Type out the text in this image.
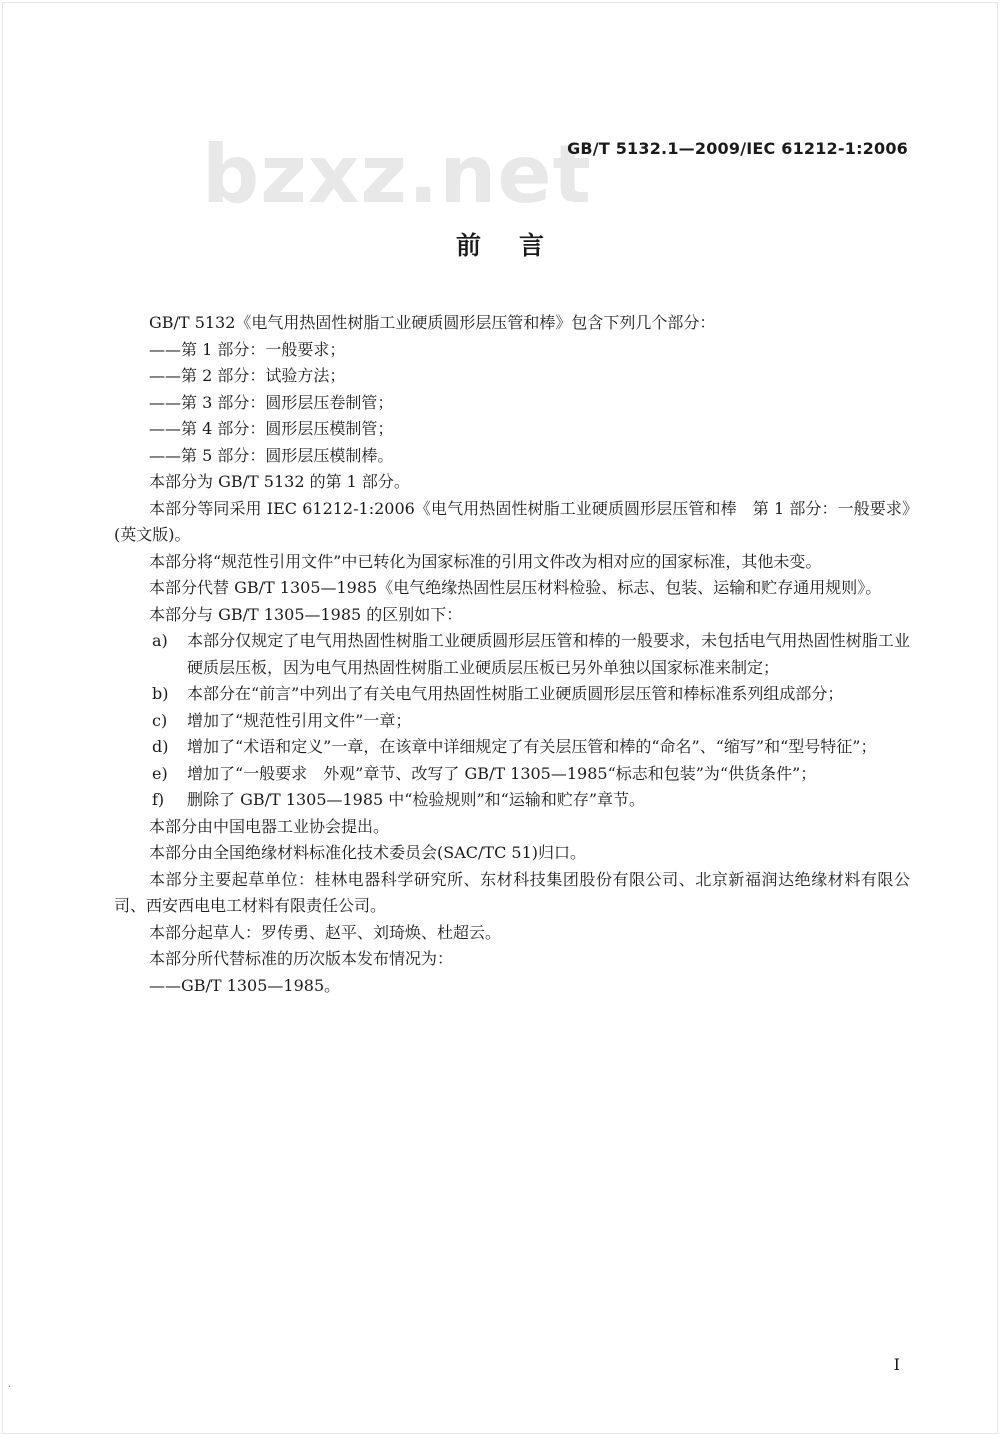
bzxz.net
GB/T 5132.1—2009/IEC 61212-1:2006
前言

GB/T 5132《电气用热固性树脂工业硬质圆形层压管和棒》包含下列几个部分：

——第 1 部分：一般要求；

——第 2 部分：试验方法；

——第 3 部分：圆形层压卷制管；

——第 4 部分：圆形层压模制管；

——第 5 部分：圆形层压模制棒。

本部分为 GB/T 5132 的第 1 部分。

本部分等同采用 IEC 61212-1:2006《电气用热固性树脂工业硬质圆形层压管和棒　第 1 部分：一般要求》(英文版)。

本部分将“规范性引用文件”中已转化为国家标准的引用文件改为相对应的国家标准，其他未变。

本部分代替 GB/T 1305—1985《电气绝缘热固性层压材料检验、标志、包装、运输和贮存通用规则》。

本部分与 GB/T 1305—1985 的区别如下：

a)	本部分仅规定了电气用热固性树脂工业硬质圆形层压管和棒的一般要求，未包括电气用热固性树脂工业硬质层压板，因为电气用热固性树脂工业硬质层压板已另外单独以国家标准来制定；
b)	本部分在“前言”中列出了有关电气用热固性树脂工业硬质圆形层压管和棒标准系列组成部分；
c)	增加了“规范性引用文件”一章；
d)	增加了“术语和定义”一章，在该章中详细规定了有关层压管和棒的“命名”、“缩写”和“型号特征”；
e)	增加了“一般要求　外观”章节、改写了 GB/T 1305—1985“标志和包装”为“供货条件”；
f)	删除了 GB/T 1305—1985 中“检验规则”和“运输和贮存”章节。

本部分由中国电器工业协会提出。

本部分由全国绝缘材料标准化技术委员会(SAC/TC 51)归口。

本部分主要起草单位：桂林电器科学研究所、东材科技集团股份有限公司、北京新福润达绝缘材料有限公司、西安西电电工材料有限责任公司。

本部分起草人：罗传勇、赵平、刘琦焕、杜超云。

本部分所代替标准的历次版本发布情况为：

——GB/T 1305—1985。

I
·
